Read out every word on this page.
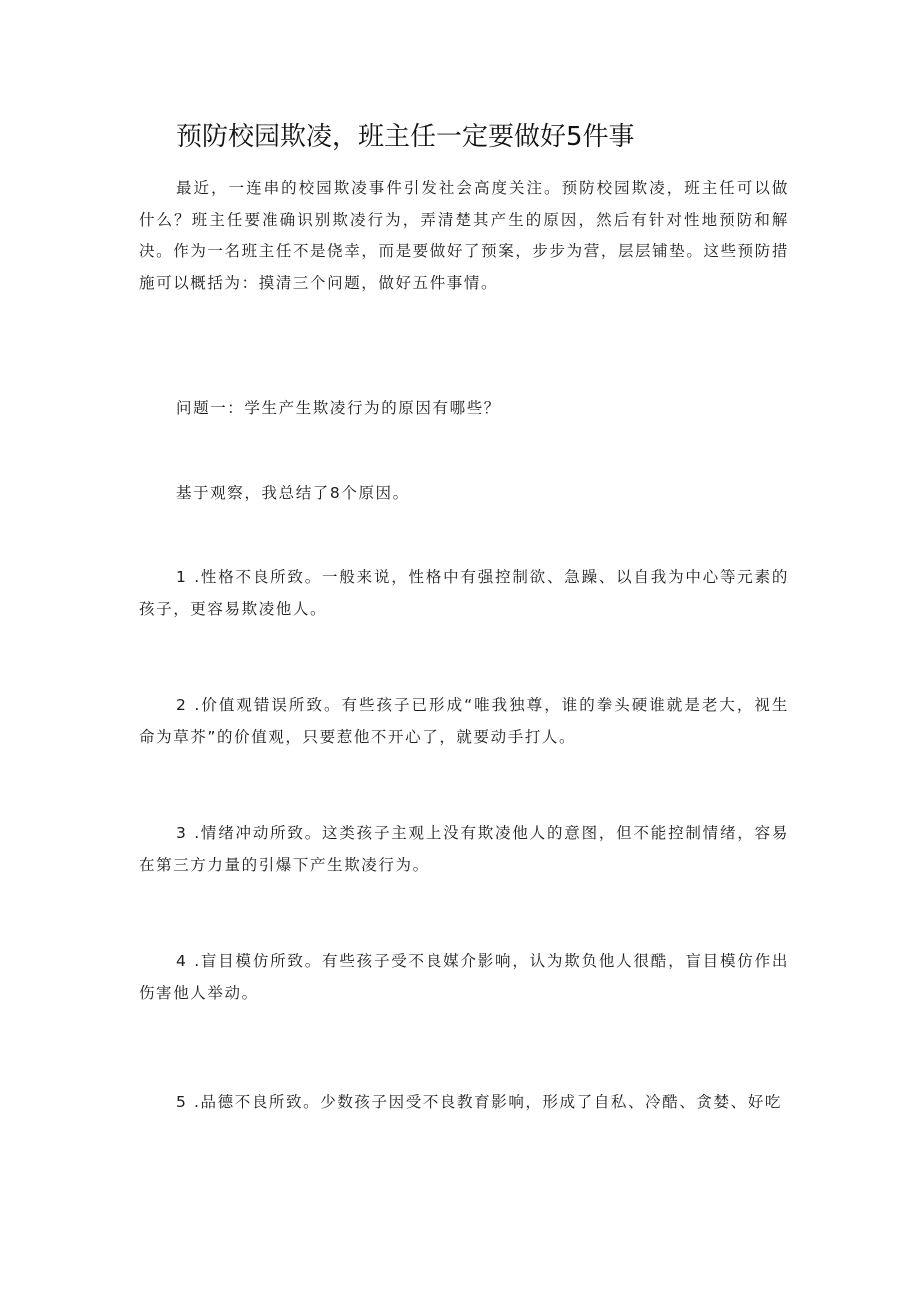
预防校园欺凌，班主任一定要做好5件事

最近，一连串的校园欺凌事件引发社会高度关注。预防校园欺凌，班主任可以做什么？班主任要准确识别欺凌行为，弄清楚其产生的原因，然后有针对性地预防和解决。作为一名班主任不是侥幸，而是要做好了预案，步步为营，层层铺垫。这些预防措施可以概括为：摸清三个问题，做好五件事情。

问题一：学生产生欺凌行为的原因有哪些？

基于观察，我总结了8个原因。

1 .性格不良所致。一般来说，性格中有强控制欲、急躁、以自我为中心等元素的孩子，更容易欺凌他人。

2 .价值观错误所致。有些孩子已形成“唯我独尊，谁的拳头硬谁就是老大，视生命为草芥”的价值观，只要惹他不开心了，就要动手打人。

3 .情绪冲动所致。这类孩子主观上没有欺凌他人的意图，但不能控制情绪，容易在第三方力量的引爆下产生欺凌行为。

4 .盲目模仿所致。有些孩子受不良媒介影响，认为欺负他人很酷，盲目模仿作出伤害他人举动。

5 .品德不良所致。少数孩子因受不良教育影响，形成了自私、冷酷、贪婪、好吃
